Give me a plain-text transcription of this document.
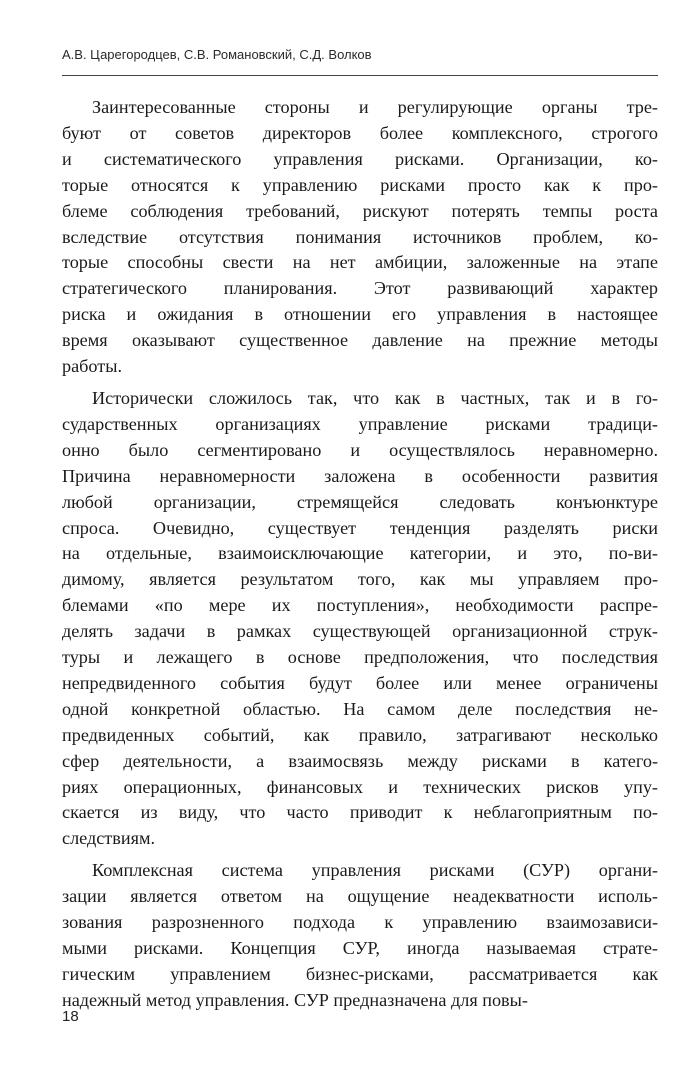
А.В. Царегородцев, С.В. Романовский, С.Д. Волков
Заинтересованные стороны и регулирующие органы тре-
буют от советов директоров более комплексного, строгого
и систематического управления рисками. Организации, ко-
торые относятся к управлению рисками просто как к про-
блеме соблюдения требований, рискуют потерять темпы роста
вследствие отсутствия понимания источников проблем, ко-
торые способны свести на нет амбиции, заложенные на этапе
стратегического планирования. Этот развивающий характер
риска и ожидания в отношении его управления в настоящее
время оказывают существенное давление на прежние методы
работы.
Исторически сложилось так, что как в частных, так и в го-
сударственных организациях управление рисками традици-
онно было сегментировано и осуществлялось неравномерно.
Причина неравномерности заложена в особенности развития
любой организации, стремящейся следовать конъюнктуре
спроса. Очевидно, существует тенденция разделять риски
на отдельные, взаимоисключающие категории, и это, по-ви-
димому, является результатом того, как мы управляем про-
блемами «по мере их поступления», необходимости распре-
делять задачи в рамках существующей организационной струк-
туры и лежащего в основе предположения, что последствия
непредвиденного события будут более или менее ограничены
одной конкретной областью. На самом деле последствия не-
предвиденных событий, как правило, затрагивают несколько
сфер деятельности, а взаимосвязь между рисками в катего-
риях операционных, финансовых и технических рисков упу-
скается из виду, что часто приводит к неблагоприятным по-
следствиям.
Комплексная система управления рисками (СУР) органи-
зации является ответом на ощущение неадекватности исполь-
зования разрозненного подхода к управлению взаимозависи-
мыми рисками. Концепция СУР, иногда называемая страте-
гическим управлением бизнес-рисками, рассматривается как
надежный метод управления. СУР предназначена для повы-
18
